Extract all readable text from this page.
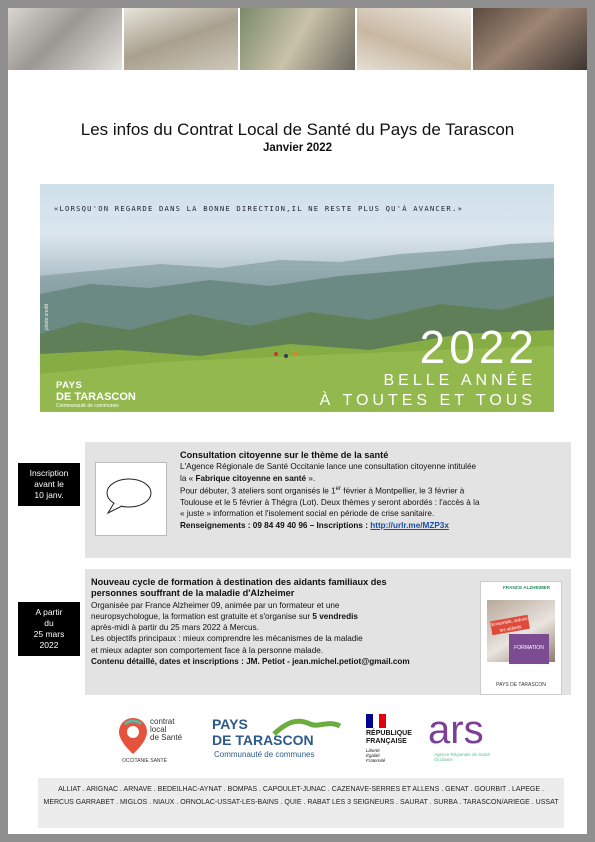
Les infos du Contrat Local de Santé du Pays de Tarascon
Janvier 2022
«LORSQU'ON REGARDE DANS LA BONNE DIRECTION,IL NE RESTE PLUS QU'À AVANCER.»
photo credit
2022
BELLE ANNÉE
À TOUTES ET TOUS
PAYS
DE TARASCON
Communauté de communes
Inscription
avant le
10 janv.
Consultation citoyenne sur le thème de la santé
L'Agence Régionale de Santé Occitanie lance une consultation citoyenne intitulée
la « Fabrique citoyenne en santé ».
Pour débuter, 3 ateliers sont organisés le 1er février à Montpellier, le 3 février à
Toulouse et le 5 février à Thégra (Lot). Deux thèmes y seront abordés : l'accès à la
« juste » information et l'isolement social en période de crise sanitaire.
Renseignements : 09 84 49 40 96 – Inscriptions : http://urlr.me/MZP3x
A partir
du
25 mars
2022
Nouveau cycle de formation à destination des aidants familiaux des
personnes souffrant de la maladie d'Alzheimer
Organisée par France Alzheimer 09, animée par un formateur et une
neuropsychologue, la formation est gratuite et s'organise sur 5 vendredis
après-midi à partir du 25 mars 2022 à Mercus.
Les objectifs principaux : mieux comprendre les mécanismes de la maladie
et mieux adapter son comportement face à la personne malade.
Contenu détaillé, dates et inscriptions : JM. Petiot - jean.michel.petiot@gmail.com
FRANCE ALZHEIMER
Ensemble, aidons les aidants
FORMATION
PAYS DE TARASCON
contrat
local
de Santé
OCCITANIE SANTÉ
PAYS
DE TARASCON
Communauté de communes
RÉPUBLIQUE
FRANÇAISE
Liberté
Égalité
Fraternité
ars
Agence Régionale de Santé
Occitanie
ALLIAT . ARIGNAC . ARNAVE . BEDEILHAC-AYNAT . BOMPAS . CAPOULET-JUNAC . CAZENAVE-SERRES ET ALLENS . GENAT . GOURBIT . LAPEGE .
MERCUS GARRABET . MIGLOS . NIAUX . ORNOLAC-USSAT-LES-BAINS . QUIE . RABAT LES 3 SEIGNEURS . SAURAT . SURBA . TARASCON/ARIEGE . USSAT
